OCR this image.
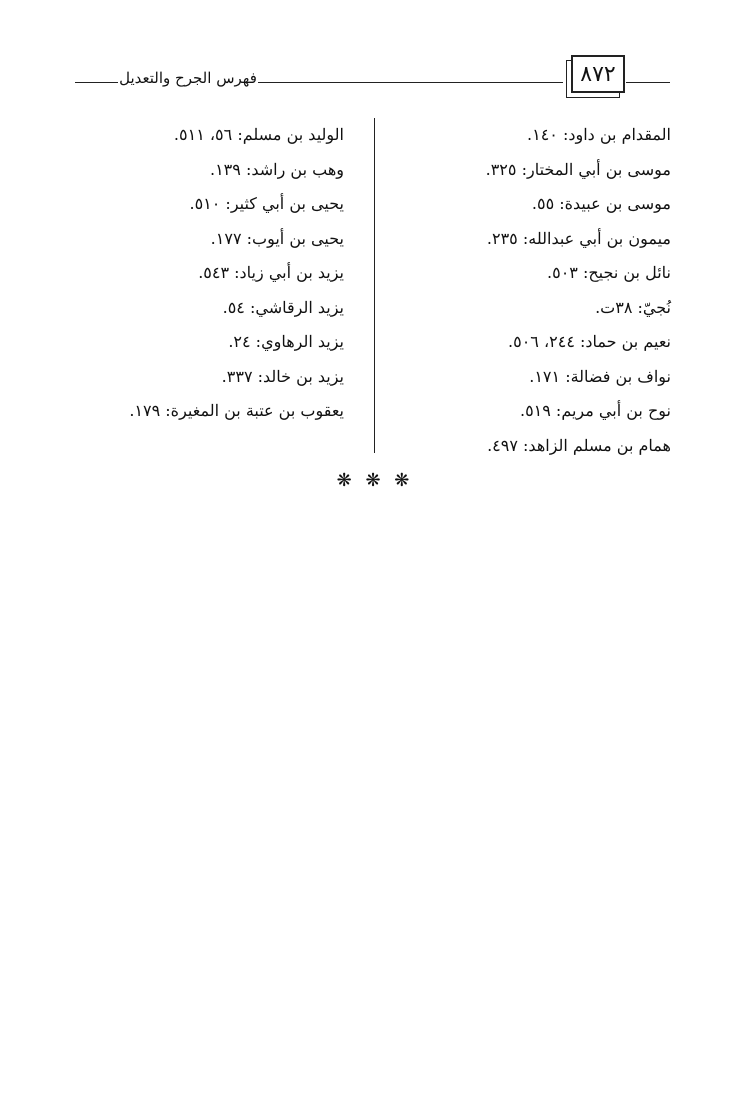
٨٧٢
فهرس الجرح والتعديل
المقدام بن داود: ١٤٠.
موسى بن أبي المختار: ٣٢٥.
موسى بن عبيدة: ٥٥.
ميمون بن أبي عبدالله: ٢٣٥.
نائل بن نجيح: ٥٠٣.
نُجيّ: ٣٨ت.
نعيم بن حماد: ٢٤٤، ٥٠٦.
نواف بن فضالة: ١٧١.
نوح بن أبي مريم: ٥١٩.
همام بن مسلم الزاهد: ٤٩٧.
الوليد بن مسلم: ٥٦، ٥١١.
وهب بن راشد: ١٣٩.
يحيى بن أبي كثير: ٥١٠.
يحيى بن أيوب: ١٧٧.
يزيد بن أبي زياد: ٥٤٣.
يزيد الرقاشي: ٥٤.
يزيد الرهاوي: ٢٤.
يزيد بن خالد: ٣٣٧.
يعقوب بن عتبة بن المغيرة: ١٧٩.
❋ ❋ ❋
